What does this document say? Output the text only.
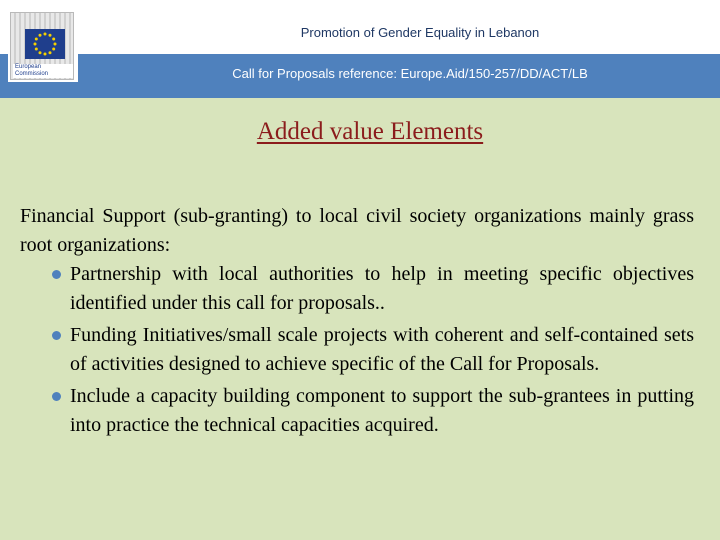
European
Commission
Promotion of Gender Equality in Lebanon
Call for Proposals reference: Europe.Aid/150-257/DD/ACT/LB
Added value Elements

Financial Support (sub-granting) to local civil society organizations mainly grass root organizations:

Partnership with local authorities to help in meeting specific objectives identified under this call for proposals..
Funding Initiatives/small scale projects with coherent and self-contained sets of activities designed to achieve specific of the Call for Proposals.
Include a capacity building component to support the sub-grantees in putting into practice the technical capacities acquired.
